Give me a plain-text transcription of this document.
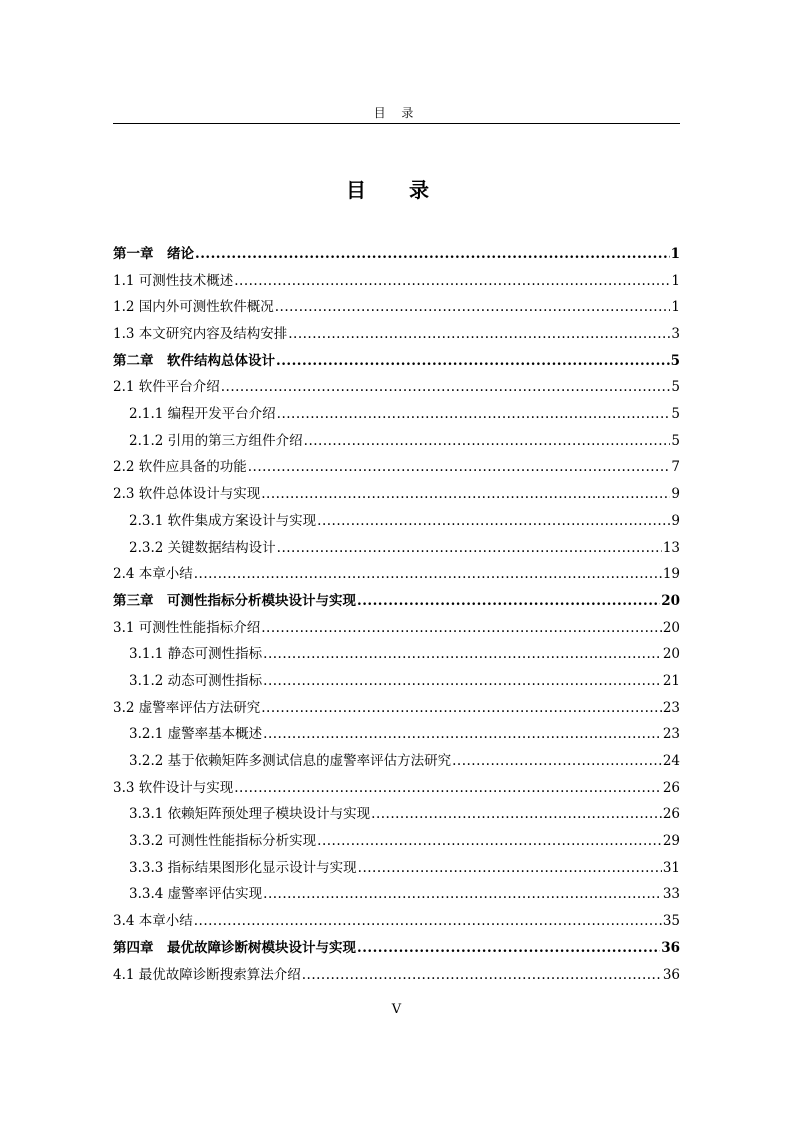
目 录
目 录
第一章　绪论 .....	1
1.1 可测性技术概述 .....	1
1.2 国内外可测性软件概况 .....	1
1.3 本文研究内容及结构安排 .....	3
第二章　软件结构总体设计 .....	5
2.1 软件平台介绍 .....	5
2.1.1 编程开发平台介绍 .....	5
2.1.2 引用的第三方组件介绍 .....	5
2.2 软件应具备的功能 .....	7
2.3 软件总体设计与实现 .....	9
2.3.1 软件集成方案设计与实现 .....	9
2.3.2 关键数据结构设计 .....	13
2.4 本章小结 .....	19
第三章　可测性指标分析模块设计与实现 .....	20
3.1 可测性性能指标介绍 .....	20
3.1.1 静态可测性指标 .....	20
3.1.2 动态可测性指标 .....	21
3.2 虚警率评估方法研究 .....	23
3.2.1 虚警率基本概述 .....	23
3.2.2 基于依赖矩阵多测试信息的虚警率评估方法研究 .....	24
3.3 软件设计与实现 .....	26
3.3.1 依赖矩阵预处理子模块设计与实现 .....	26
3.3.2 可测性性能指标分析实现 .....	29
3.3.3 指标结果图形化显示设计与实现 .....	31
3.3.4 虚警率评估实现 .....	33
3.4 本章小结 .....	35
第四章　最优故障诊断树模块设计与实现 .....	36
4.1 最优故障诊断搜索算法介绍 .....	36
V
